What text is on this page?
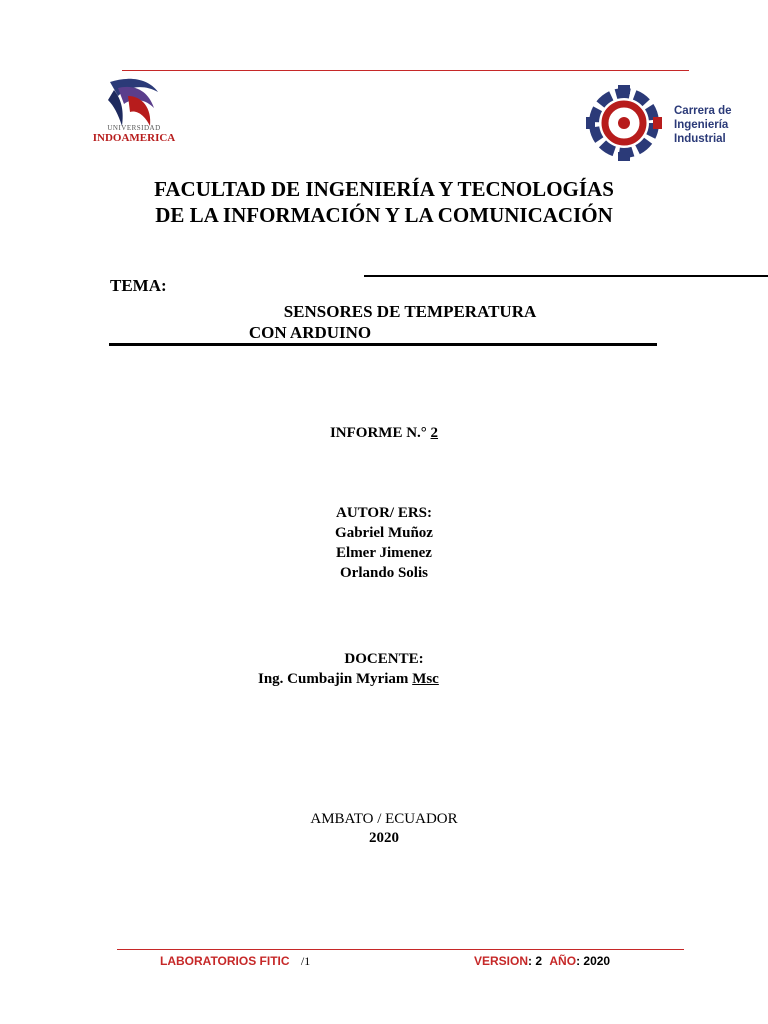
UNIVERSIDAD
INDOAMERICA
Carrera de
Ingeniería
Industrial
FACULTAD DE INGENIERÍA Y TECNOLOGÍAS
DE LA INFORMACIÓN Y LA COMUNICACIÓN
TEMA:
SENSORES DE TEMPERATURA
CON ARDUINO
INFORME N.° 2
AUTOR/ ERS:
Gabriel Muñoz
Elmer Jimenez
Orlando Solis
DOCENTE:
Ing. Cumbajin Myriam Msc
AMBATO / ECUADOR
2020
LABORATORIOS FITIC /1	VERSION: 2 AÑO: 2020
